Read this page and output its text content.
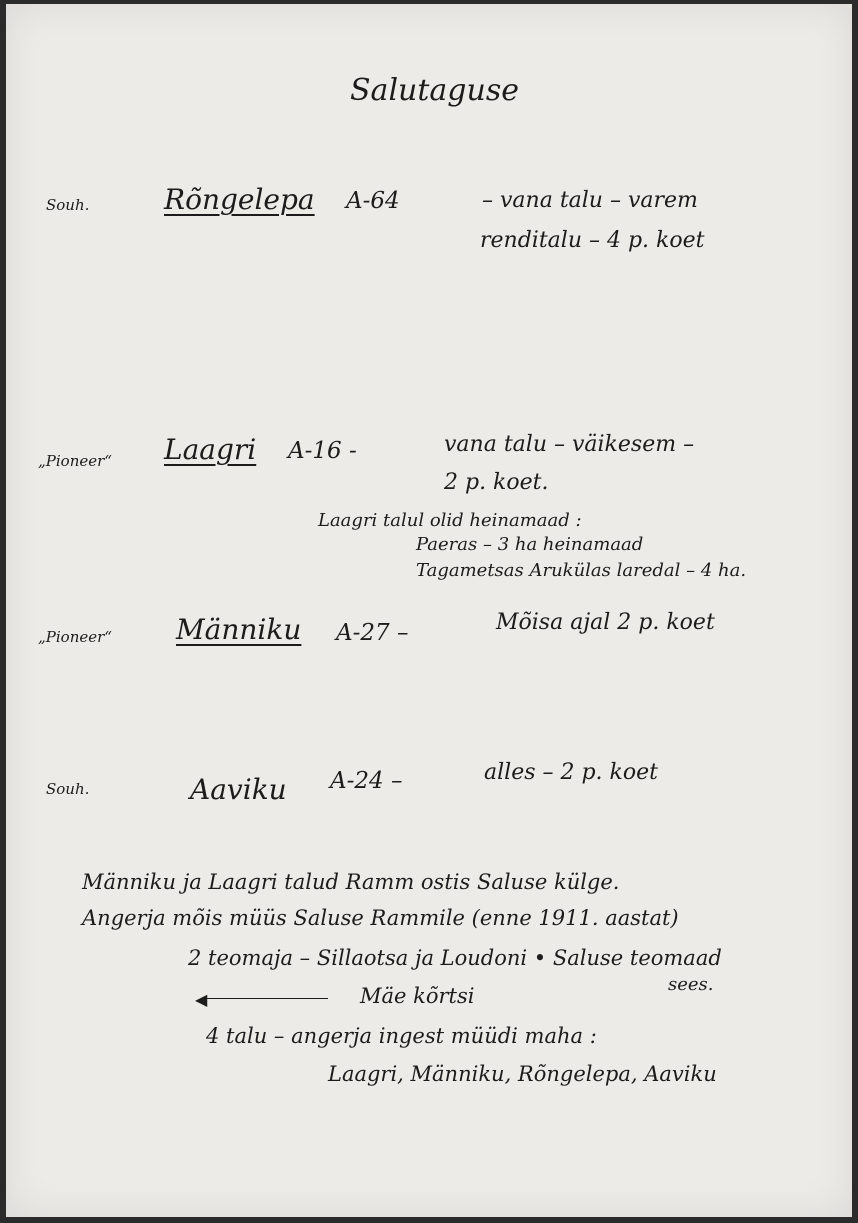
Salutaguse
Souh.	Rõngelepa A-64	– vana talu – varem
renditalu – 4 p. koet
„Pioneer“ Laagri A-16 -	vana talu – väikesem –
2 p. koet.
Laagri talul olid heinamaad :
Paeras – 3 ha heinamaad
Tagametsas Arukülas laredal – 4 ha.
„Pioneer“ Männiku A-27 –	Mõisa ajal 2 p. koet
Souh.	Aaviku A-24 –	alles – 2 p. koet
Männiku ja Laagri talud Ramm ostis Saluse külge.
Angerja mõis müüs Saluse Rammile (enne 1911. aastat)
2 teomaja – Sillaotsa ja Loudoni • Saluse teomaad
sees.
◀	Mäe kõrtsi
4 talu – angerja ingest müüdi maha :
Laagri, Männiku, Rõngelepa, Aaviku
